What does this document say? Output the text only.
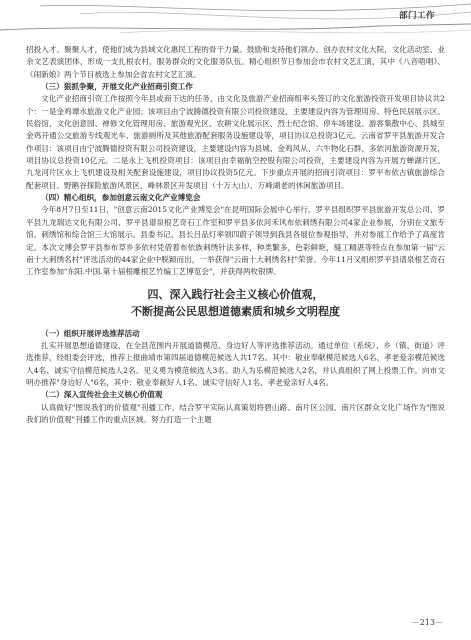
部门工作

招投入才、聚聚人才，使他们成为县域文化惠民工程的骨干力量。鼓励和支持他们领办、创办农村文化大院，文化活动室、业余文艺表演团体，形成一支扎根农村，服务群众的文化服务队伍。精心组织节日参加会市农村文艺汇演，其中《八音唔唱》、《闹新娘》两个节目被选上参加会省农村文艺汇演。

（三）狠抓争聚，开展文化产业招商引资工作

文化产业招商引资工作按照今年县或商下达的任务，由文化及旅游产业招商组率头签订的文化旅游投资开发项目协议共2个：一是金鸡谭水旅游文化产业园；该项目由宁波腾德投资有限公司投资建设，主要建设内容为管理用房、特色民居展示区、民俗馆、文化创意园、禅修文化管理用房、旅游观光区、农耕文化展示区、烈士纪念馆、停车场建设、游客集散中心、县城至金鸡开通公交旅游专线观光车、旅游厕所及其他旅游配套服务设施建设等，项目协议总投资3亿元。云南省罗平县旅游开发合作项目：该项目由宁波腾德投资有限公司投资建设，主要建设内容为县城、金鸡风从、六牛物化石群、多依河旅游资源开发，项目协议总投资10亿元。二是永上飞机投资项目：该项目由幸福航空控股有限公司投资，主要建设内容为开展方蝉湖片区、九龙河片区水上飞机建设及相关配套设施建设，项目协议投资5亿元。下步重点开展的招商引资项目：罗平布依古镇旅游综合配套项目、野鹅谷探险旅游风景区、峰林景区开发项目（十万大山）、万峰湖老的休闲旅游项目。

（四）精心组织，参加创意云南文化产业博览会

今年8月7日至11日，"创意云南2015文化产业博览会"在昆明国际会展中心举行。罗平县组织罗平县旅游开发总公司、罗平县九龙瑞达文化有限公司、罗平县谱泉根艺奇石工作室和罗平县多依河禾风布依刺绣有限公司4家企业参展，分别在文旅专馆、刺绣馆和综合馆三大馆展示。县委书记、县长吕品灯率领四蔚子领导到我县各展位参观指导，并对参展工作给予了高度肯定。本次文博会罗平县参布草乡多依村凭借着布依族刺绣针法多样，种类繁多，色彩鲜艳，缝工精湛等特点在参加第一届"云南十大刺绣名村"评选活动的44家企业中脱颖而出，一举获得"云南十大刺绣名村"荣誉。今年11月又组织罗平县谱泉根艺奇石工作室参加"东阳.中国.第十届根雕根艺竹编工艺博览会"，并获得两枚银牌。

四、深入践行社会主义核心价值观，
不断提高公民思想道德素质和城乡文明程度

（一）组织开展评选推荐活动

扎实开展思想道德建设，在全县范围内开展道德模范、身边好人等评选推荐活动。通过单位（系统）、乡（镇、街道）评选推荐，经组委会评选，推荐上报曲靖市第四届道德模范候选人共17名。其中：敬业奉献模范候选人6名、孝老爱亲模范候选人4名、诚实守信模范候选人2名、见义勇为模范候选人3名、助人为乐模范候选人2名，并认真组织了网上投票工作。向市文明办推荐"身边好人"6名，其中：敬业奉献好人1名、诚实守信好人1名、孝老爱亲好人4名。

（二）深入宣传社会主义核心价值观

认真做好"图说我们的价值观"刊播工作。结合罗平实际认真策划将碧山路、南片区公园、南片区群众文化广场作为"图说我们的价值观"刊播工作的重点区域。努力打造一个主题

－213－
